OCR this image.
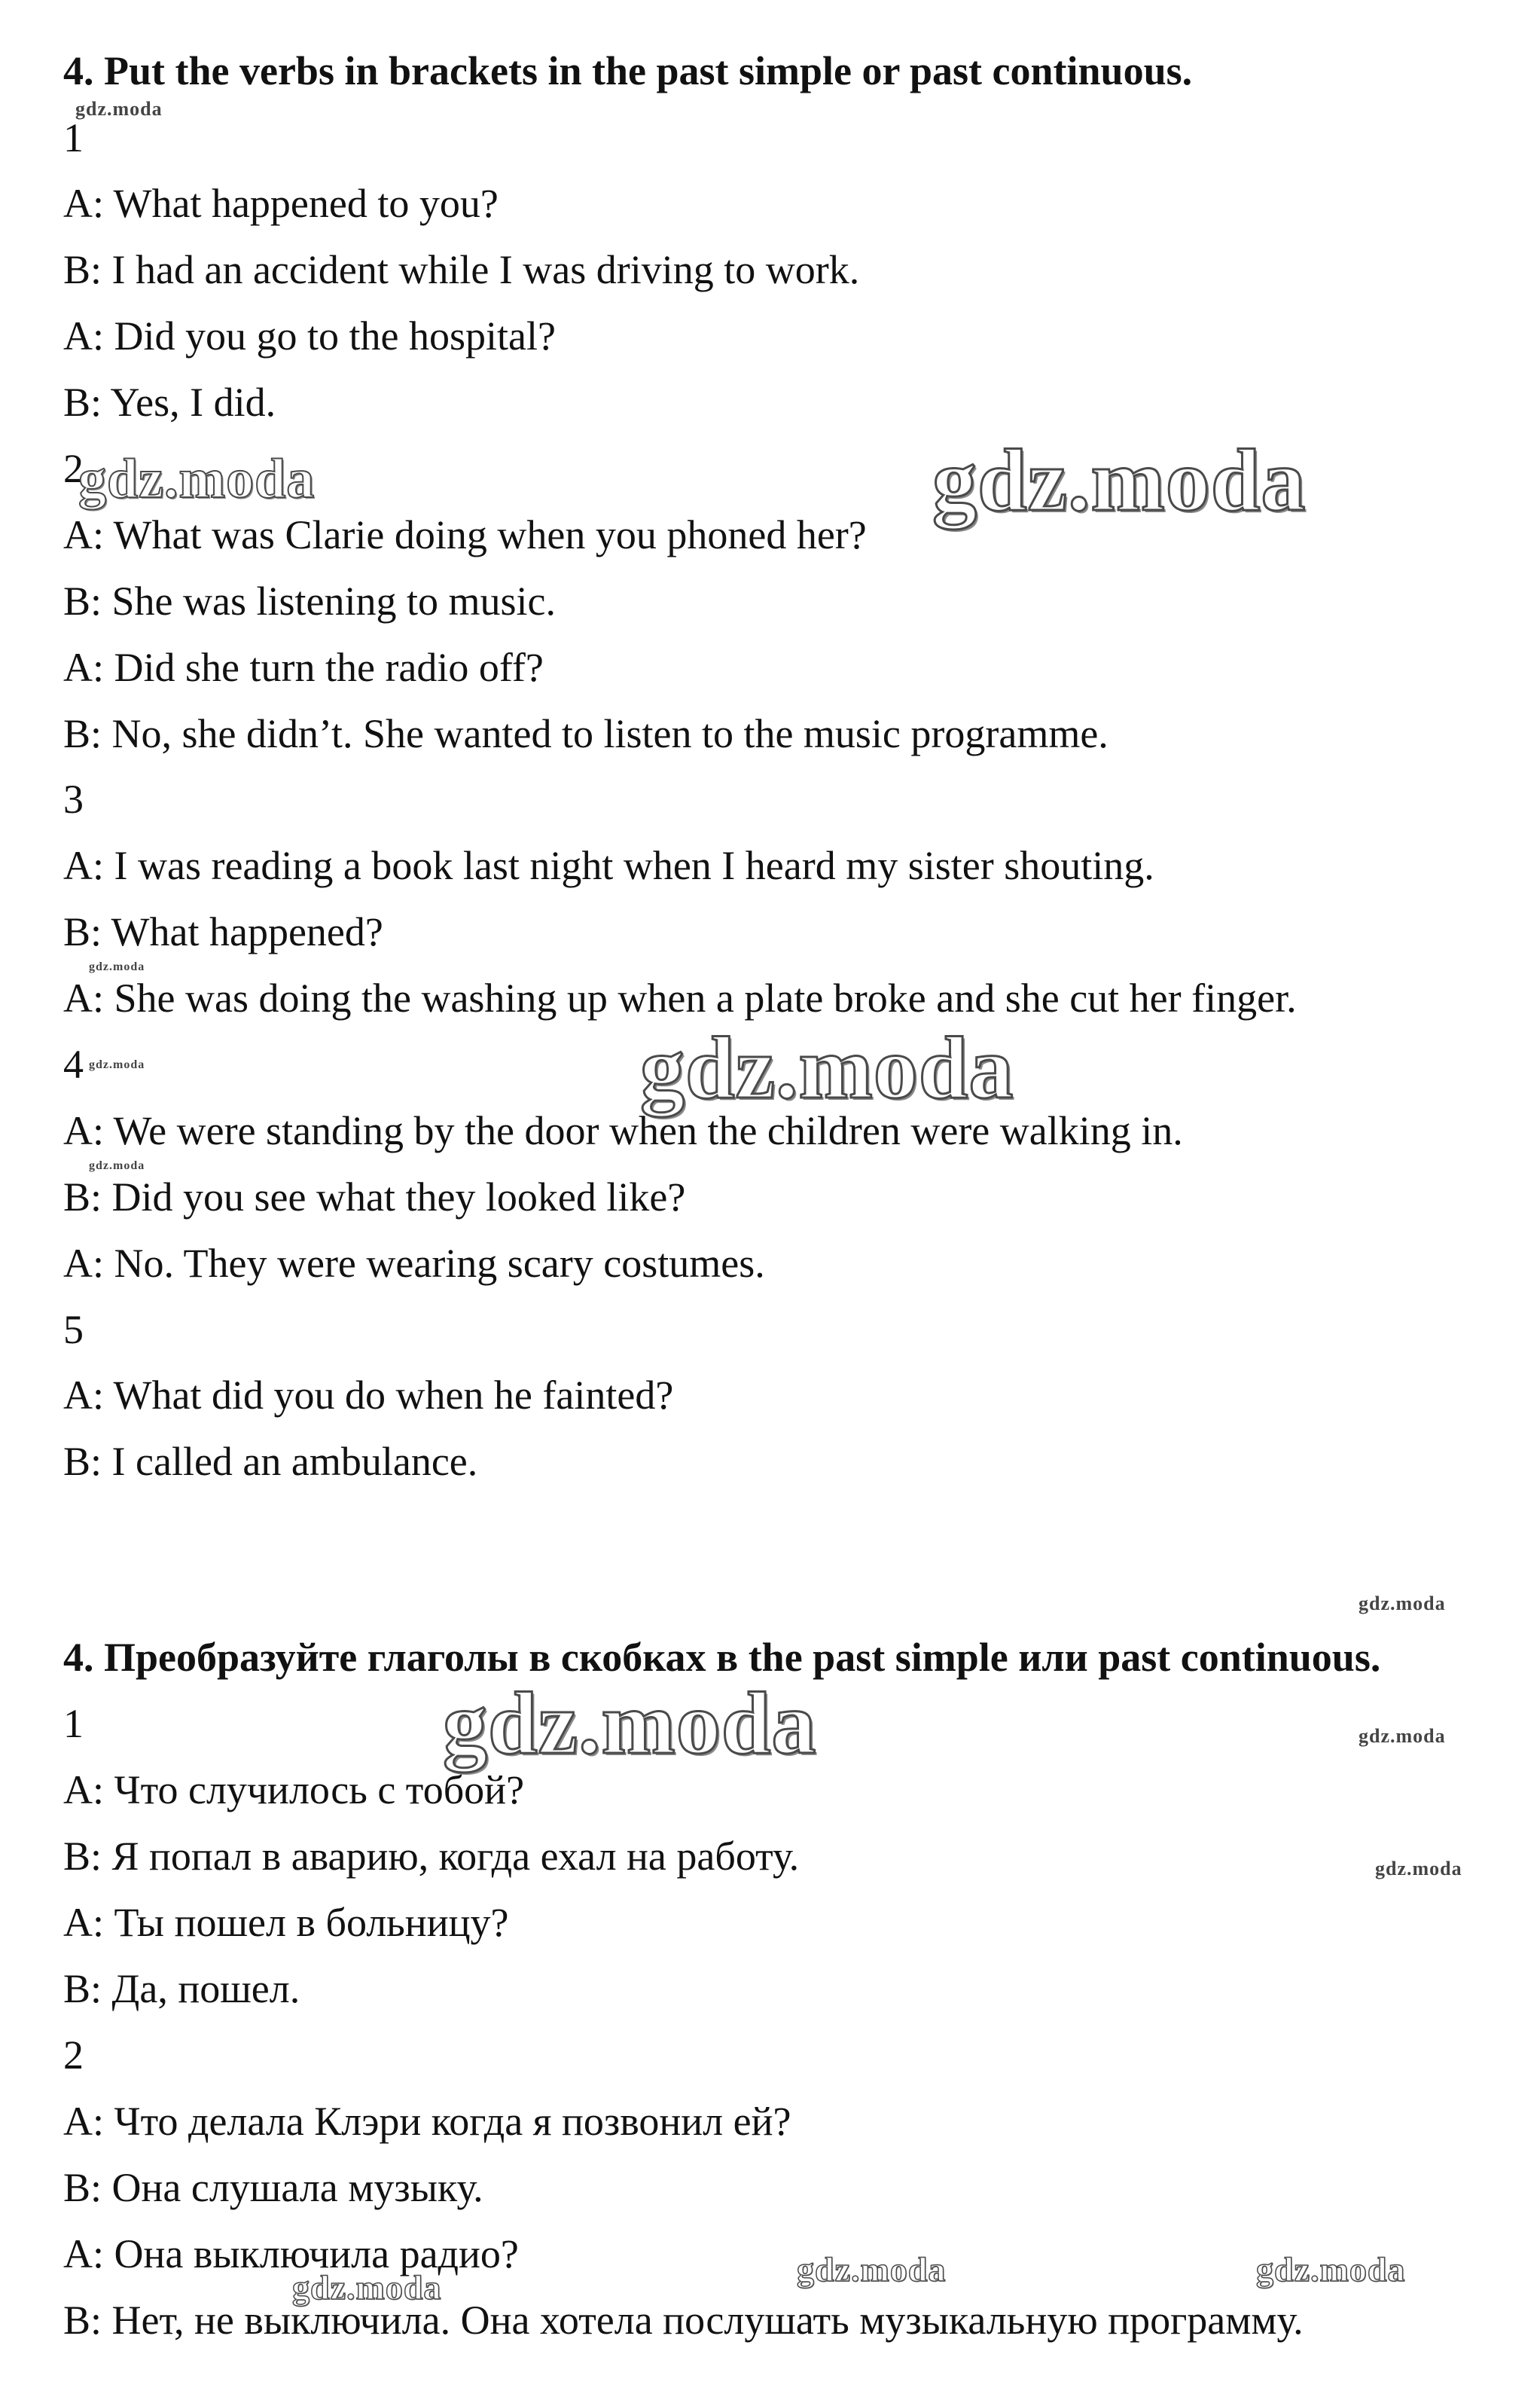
4. Put the verbs in brackets in the past simple or past continuous.
1
A: What happened to you?
B: I had an accident while I was driving to work.
A: Did you go to the hospital?
B: Yes, I did.
2
A: What was Clarie doing when you phoned her?
B: She was listening to music.
A: Did she turn the radio off?
B: No, she didn’t. She wanted to listen to the music programme.
3
A: I was reading a book last night when I heard my sister shouting.
B: What happened?
A: She was doing the washing up when a plate broke and she cut her finger.
4
A: We were standing by the door when the children were walking in.
B: Did you see what they looked like?
A: No. They were wearing scary costumes.
5
A: What did you do when he fainted?
B: I called an ambulance.
4. Преобразуйте глаголы в скобках в the past simple или past continuous.
1
A: Что случилось с тобой?
B: Я попал в аварию, когда ехал на работу.
A: Ты пошел в больницу?
B: Да, пошел.
2
A: Что делала Клэри когда я позвонил ей?
B: Она слушала музыку.
A: Она выключила радио?
B: Нет, не выключила. Она хотела послушать музыкальную программу.
gdz.moda
gdz.moda	gdz.moda
gdz.moda
gdz.moda	gdz.moda
gdz.moda
gdz.moda
gdz.moda	gdz.moda
gdz.moda
gdz.moda	gdz.moda	gdz.moda
